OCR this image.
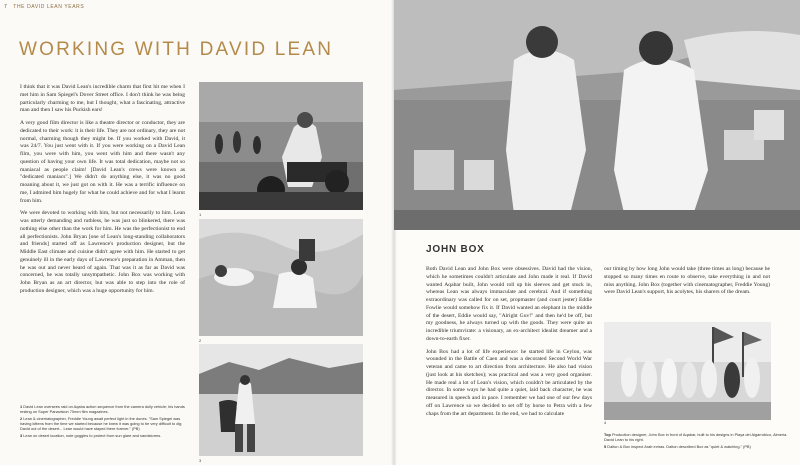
7 THE DAVID LEAN YEARS
WORKING WITH DAVID LEAN

I think that it was David Lean's incredible charm that first hit me when I met him in Sam Spiegel's Dover Street office. I don't think he was being particularly charming to me, but I thought, what a fascinating, attractive man and then I saw his Puckish ears!

A very good film director is like a theatre director or conductor, they are dedicated to their work: it is their life. They are not ordinary, they are not normal, charming though they might be. If you worked with David, it was 24/7. You just went with it. If you were working on a David Lean film, you were with him, you went with him and there wasn't any question of having your own life. It was total dedication, maybe not so maniacal as people claim! [David Lean's crews were known as "dedicated maniacs".] We didn't do anything else, it was no good moaning about it, we just got on with it. He was a terrific influence on me, I admired him hugely for what he could achieve and for what I learnt from him.

We were devoted to working with him, but not necessarily to him. Lean was utterly demanding and ruthless, he was just so blinkered, there was nothing else other than the work for him. He was the perfectionist to end all perfectionists. John Bryan [one of Lean's long-standing collaborators and friends] started off as Lawrence's production designer, but the Middle East climate and cuisine didn't agree with him. He started to get genuinely ill in the early days of Lawrence's preparation in Amman, then he was out and never heard of again. That was it as far as David was concerned, he was totally unsympathetic. John Box was working with John Bryan as an art director, but was able to step into the role of production designer, which was a huge opportunity for him.

1
2
3

1 David Lean oversees raid on Aqaba action sequence from the camera dolly vehicle; his hands resting on Super Panavision 70mm film magazines.

2 Lean & cinematographer, Freddie Young await perfect light in the dunes. "Sam Spiegel was having kittens from the time we started because he knew it was going to be very difficult to dig David out of the desert... Lean would have stayed there forever." (PB)

3 Lean on desert location, note goggles to protect from sun glare and sandstorms.

JOHN BOX

Both David Lean and John Box were obsessives. David had the vision, which he sometimes couldn't articulate and John made it real. If David wanted Aqabar built, John would roll up his sleeves and get stuck in, whereas Lean was always immaculate and cerebral. And if something extraordinary was called for on set, propmaster (and court jester) Eddie Fowlie would somehow fix it. If David wanted an elephant in the middle of the desert, Eddie would say, "Alright Guv!" and then he'd be off, but my goodness, he always turned up with the goods. They were quite an incredible triumvirate: a visionary, an ex-architect idealist dreamer and a down-to-earth fixer.

John Box had a lot of life experience: he started life in Ceylon, was wounded in the Battle of Caen and was a decorated Second World War veteran and came to art direction from architecture. He also had vision (just look at his sketches); was practical and was a very good organiser. He made real a lot of Lean's vision, which couldn't be articulated by the director. In some ways he had quite a quiet, laid back character, he was measured in speech and in pace. I remember we had one of our few days off on Lawrence so we decided to set off by horse to Petra with a few chaps from the art department. In the end, we had to calculate

our timing by how long John would take (three times as long) because he stopped so many times en route to observe, take everything in and not miss anything. John Box (together with cinematographer, Freddie Young) were David Lean's support, his acolytes, his sharers of the dream.

4

Top Production designer, John Box in front of Aqabar, built to his designs in Playa del Algarrobico, Almeria. David Lean to his right.

5 Dalton & Box inspect Arab extras. Dalton described Box as "quiet & watching." (PB)
